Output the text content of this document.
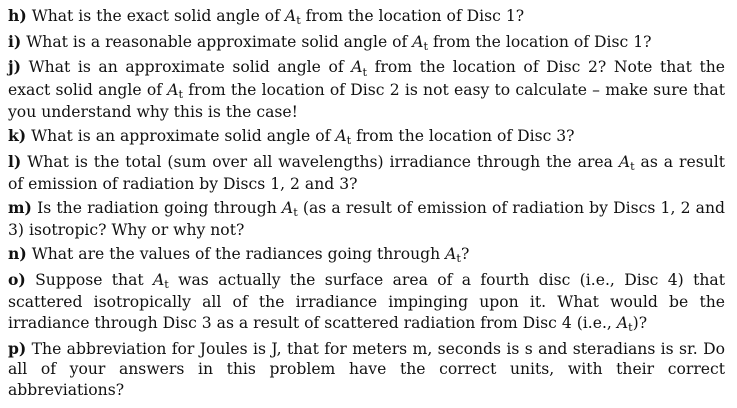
h) What is the exact solid angle of $A_t$ from the location of Disc 1?

i) What is a reasonable approximate solid angle of $A_t$ from the location of Disc 1?

j) What is an approximate solid angle of $A_t$ from the location of Disc 2? Note that the exact solid angle of $A_t$ from the location of Disc 2 is not easy to calculate – make sure that you understand why this is the case!

k) What is an approximate solid angle of $A_t$ from the location of Disc 3?

l) What is the total (sum over all wavelengths) irradiance through the area $A_t$ as a result of emission of radiation by Discs 1, 2 and 3?

m) Is the radiation going through $A_t$ (as a result of emission of radiation by Discs 1, 2 and 3) isotropic? Why or why not?

n) What are the values of the radiances going through $A_t$?

o) Suppose that $A_t$ was actually the surface area of a fourth disc (i.e., Disc 4) that scattered isotropically all of the irradiance impinging upon it. What would be the irradiance through Disc 3 as a result of scattered radiation from Disc 4 (i.e., $A_t$)?

p) The abbreviation for Joules is J, that for meters m, seconds is s and steradians is sr. Do all of your answers in this problem have the correct units, with their correct abbreviations?
